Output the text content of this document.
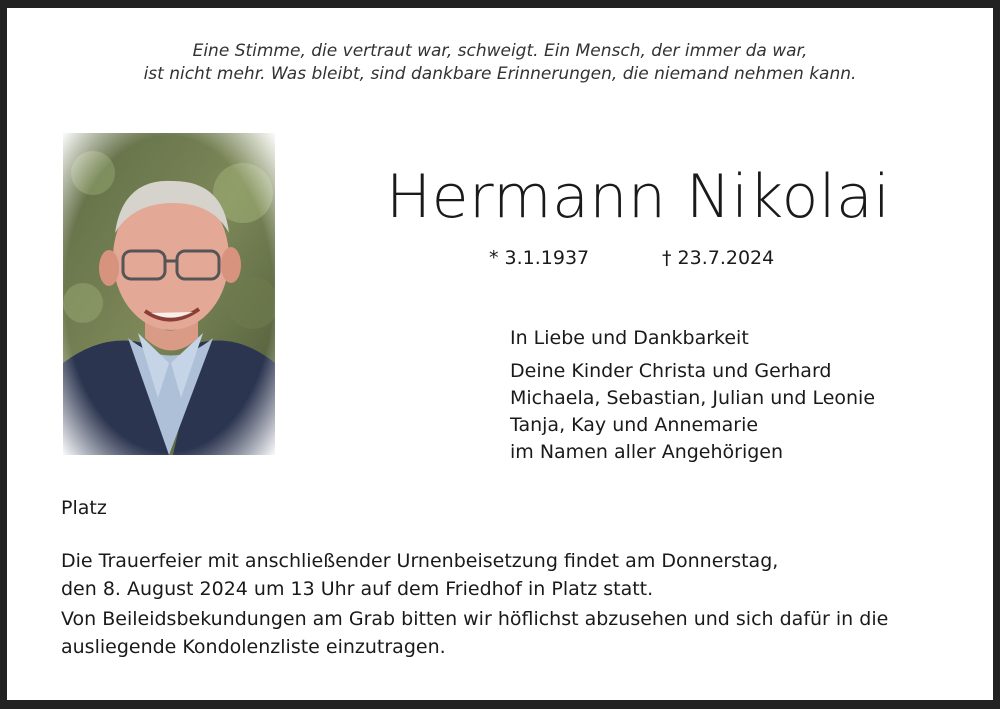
Eine Stimme, die vertraut war, schweigt. Ein Mensch, der immer da war,
ist nicht mehr. Was bleibt, sind dankbare Erinnerungen, die niemand nehmen kann.
Hermann Nikolai
* 3.1.1937	† 23.7.2024
In Liebe und Dankbarkeit
Deine Kinder Christa und Gerhard
Michaela, Sebastian, Julian und Leonie
Tanja, Kay und Annemarie
im Namen aller Angehörigen
Platz
Die Trauerfeier mit anschließender Urnenbeisetzung findet am Donnerstag,
den 8. August 2024 um 13 Uhr auf dem Friedhof in Platz statt.
Von Beileidsbekundungen am Grab bitten wir höflichst abzusehen und sich dafür in die
ausliegende Kondolenzliste einzutragen.
